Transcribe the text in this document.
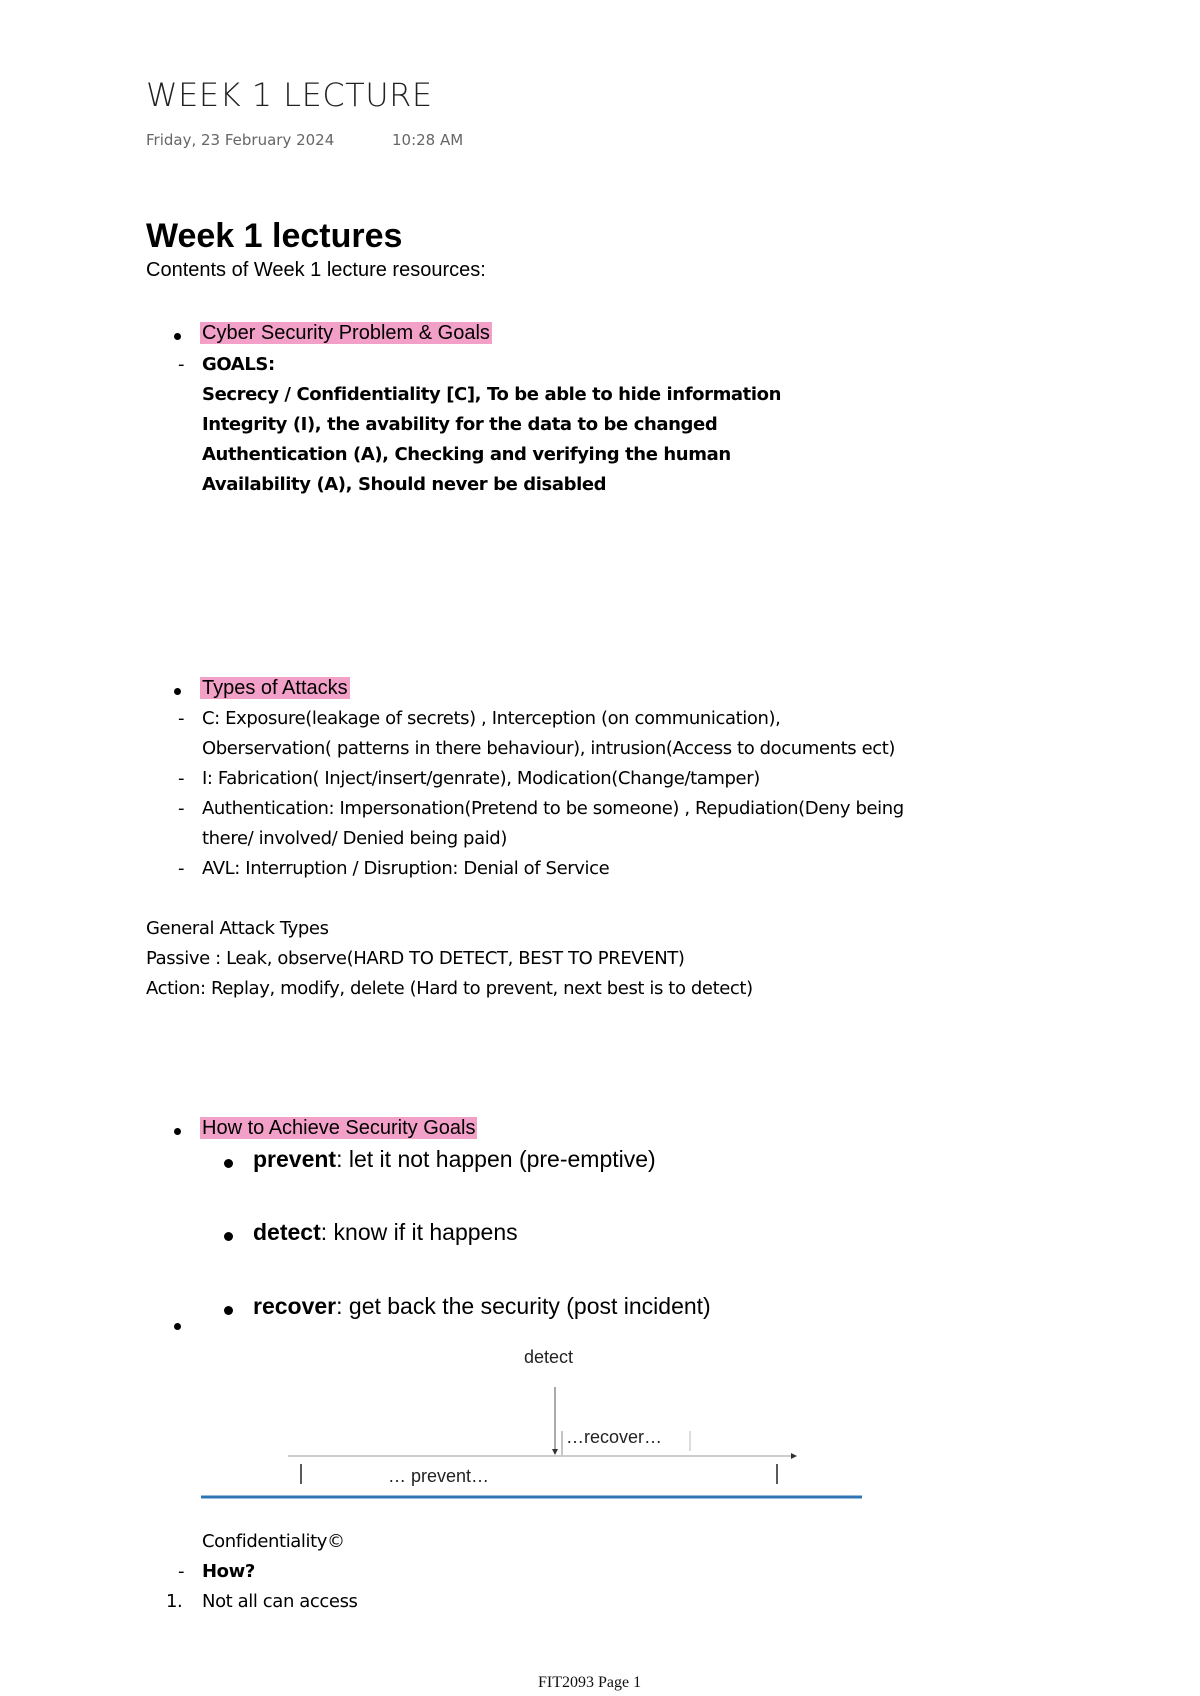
WEEK 1 LECTURE
Friday, 23 February 2024	10:28 AM
Week 1 lectures
Contents of Week 1 lecture resources:
Cyber Security Problem & Goals
- GOALS:
Secrecy / Confidentiality [C], To be able to hide information
Integrity (I), the avability for the data to be changed
Authentication (A), Checking and verifying the human
Availability (A), Should never be disabled
Types of Attacks
- C: Exposure(leakage of secrets) , Interception (on communication),
Oberservation( patterns in there behaviour), intrusion(Access to documents ect)
- I: Fabrication( Inject/insert/genrate), Modication(Change/tamper)
- Authentication: Impersonation(Pretend to be someone) , Repudiation(Deny being
there/ involved/ Denied being paid)
- AVL: Interruption / Disruption: Denial of Service
General Attack Types
Passive : Leak, observe(HARD TO DETECT, BEST TO PREVENT)
Action: Replay, modify, delete (Hard to prevent, next best is to detect)
How to Achieve Security Goals
prevent: let it not happen (pre-emptive)
detect: know if it happens
recover: get back the security (post incident)
detect
…recover…
… prevent…
Confidentiality©
- How?
1. Not all can access
FIT2093 Page 1
